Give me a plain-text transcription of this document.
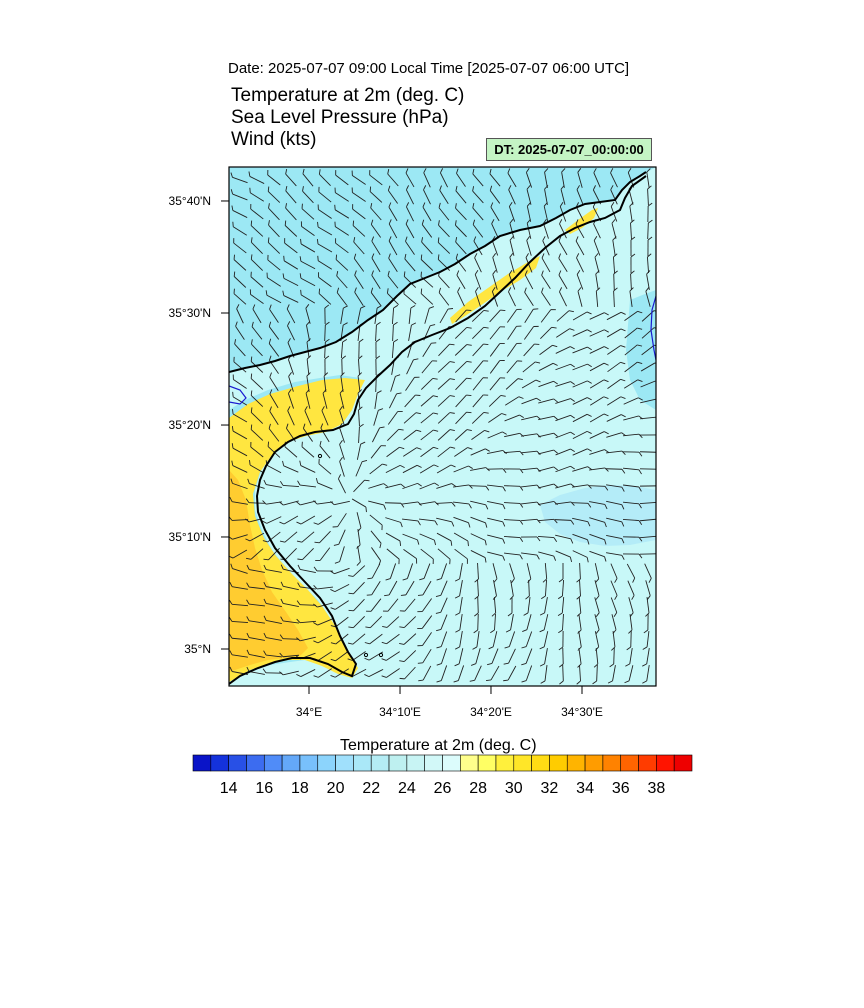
Date: 2025-07-07 09:00 Local Time [2025-07-07 06:00 UTC]
Temperature at 2m (deg. C)
Sea Level Pressure (hPa)
Wind (kts)	DT: 2025-07-07_00:00:00
35°40'N
35°30'N
35°20'N
35°10'N
35°N
34°E	34°10'E	34°20'E	34°30'E
14 16 18 20 22 24 26 28 30 32 34 36 38
Temperature at 2m (deg. C)
